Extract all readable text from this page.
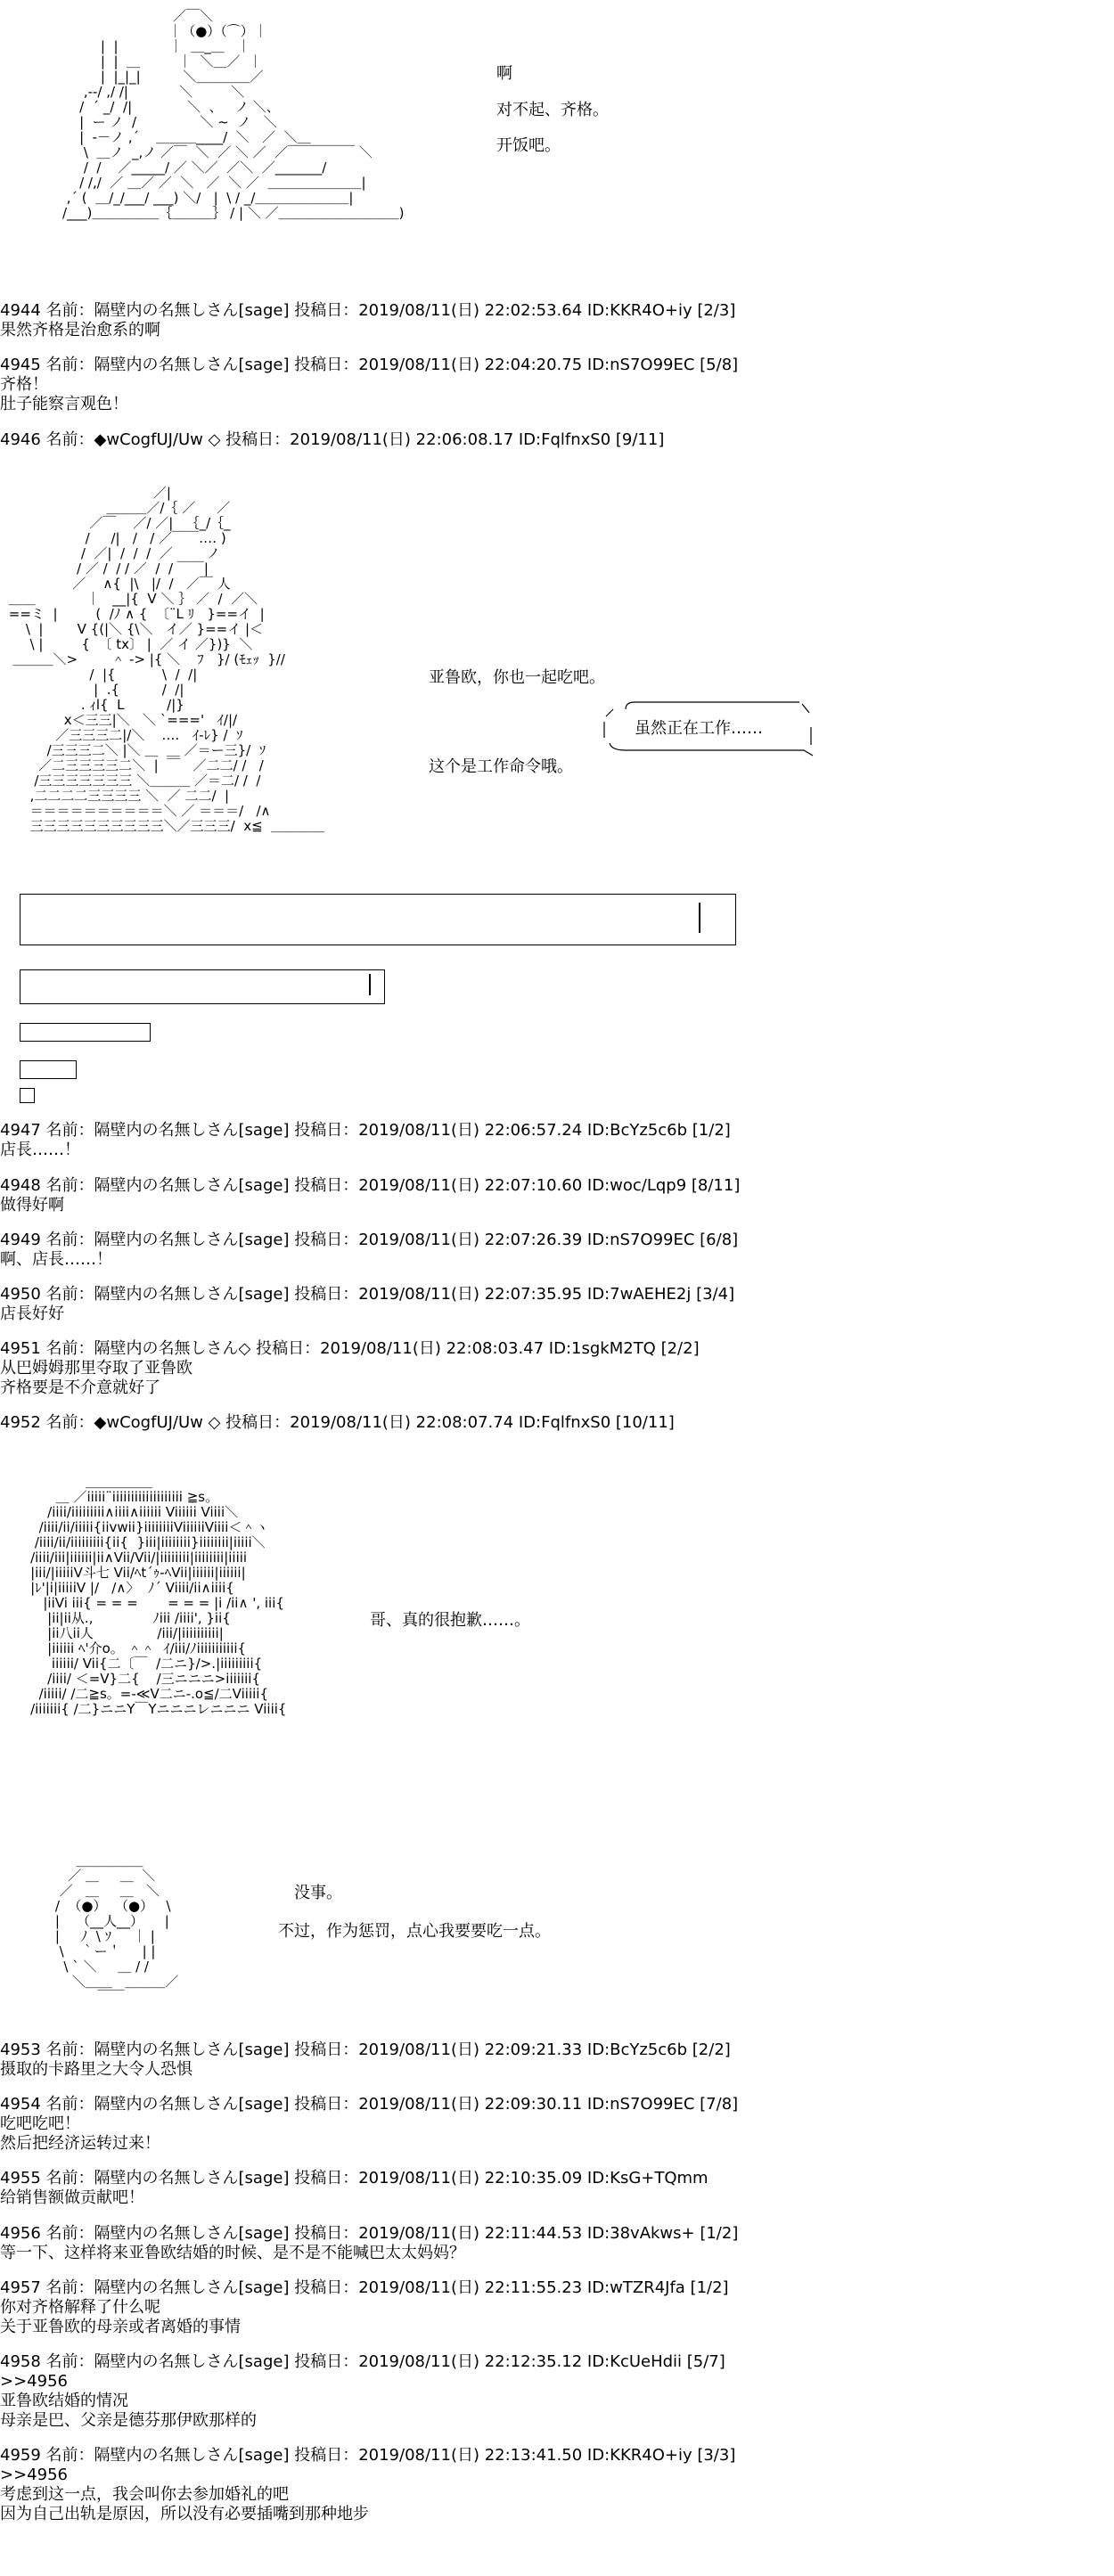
／￣＼
｜（●）（⌒）｜
|  |            ｜  ＿_＿   ｜
|  |  ＿         ｜  ＼＿／  ｜
|  |_|_|          ＼＿＿＿＿／
,--/ ,/ /|            ＼         ＼
/  ´ _/  /|             ＼  、   ノ ＼、
|  ー ノ  /               ＼ ~  ノ   ＼
|  -－ノ ,´    ＿＿＿____/  ＼   ／  ＼＿
\  ＿ノ  _,ノ ／￣  ＼  ／ ＼ ／  ／￣￣￣￣￣ ＼
/  /    ／_____/ ／ ＼／  ／＼  ／_______/
/ /,/  ／ ＿／ ／  ＼   ／  ＼ ／  ＿＿＿＿＿＿＿|
,´ (  ＿/_/___/ ___) ＼/   |  \ / _/＿＿＿＿＿＿＿|
/___)＿＿＿＿＿｛＿＿＿｝ / | ＼ ／＿＿＿＿＿＿＿＿＿)
啊
对不起、齐格。
开饭吧。
4944 名前：隔壁内の名無しさん[sage] 投稿日：2019/08/11(日) 22:02:53.64 ID:KKR4O+iy [2/3]
果然齐格是治愈系的啊
4945 名前：隔壁内の名無しさん[sage] 投稿日：2019/08/11(日) 22:04:20.75 ID:nS7O99EC [5/8]
齐格！
肚子能察言观色！
4946 名前：◆wCogfUJ/Uw ◇ 投稿日：2019/08/11(日) 22:06:08.17 ID:FqlfnxS0 [9/11]
／|
＿＿＿／/｛ ／     ／
／￣    ／/ ／|   ｛_/｛_
/     /|   /   / ／￣￣‥‥ )
/  ／|  /  /  /  ／        ノ
/ ／ /  / / ／  /  / ￣￣|
／    ∧{  |\   |/  /   ／￣ 人
＿＿            ｜   __|{  V ＼ ｝ ／  /  ／＼
==ミ  |         (  /ﾉ ∧ {  〔¨L ﾘ   }==イ  |
\  |        V {(|＼ {\＼   イ／ }==イ |＜
\ |         {  〔 tx〕 |  ／ イ ／})}  ＼
＿＿＿＼>        ＾ ‐> |{ ＼    ﾌ   }/ (ﾓｪｯ  }//
/  |{           \  /  /|
|  .{          /  /|
. ｨl{  L          /|}
x＜三三|＼   ＼ `==='   ｲ/|/
／三三三二|/＼    ‥‥   ｲ-ﾚ} /  ｿ
/三三三二＼ |＼ ＿  ＿ ／＝ー三}/  ｿ
／二三三三三二＼  |  ￣   ／二二/ /   /
/三三三三三三三 ＼＿＿＿ ／＝二/ /  /
,二二二二三三三三 ＼  ／ 二二/  |
＝＝＝＝＝＝＝＝＝＝＼ ／ ＝＝＝/   /∧
三三三三三三三三三三＼／三三三/  x≦  ＿＿＿＿
亚鲁欧，你也一起吃吧。
虽然正在工作……
这个是工作命令哦。
4947 名前：隔壁内の名無しさん[sage] 投稿日：2019/08/11(日) 22:06:57.24 ID:BcYz5c6b [1/2]
店長……！
4948 名前：隔壁内の名無しさん[sage] 投稿日：2019/08/11(日) 22:07:10.60 ID:woc/Lqp9 [8/11]
做得好啊
4949 名前：隔壁内の名無しさん[sage] 投稿日：2019/08/11(日) 22:07:26.39 ID:nS7O99EC [6/8]
啊、店長……！
4950 名前：隔壁内の名無しさん[sage] 投稿日：2019/08/11(日) 22:07:35.95 ID:7wAEHE2j [3/4]
店長好好
4951 名前：隔壁内の名無しさん◇ 投稿日：2019/08/11(日) 22:08:03.47 ID:1sgkM2TQ [2/2]
从巴姆姆那里夺取了亚鲁欧
齐格要是不介意就好了
4952 名前：◆wCogfUJ/Uw ◇ 投稿日：2019/08/11(日) 22:08:07.74 ID:FqlfnxS0 [10/11]
＿＿＿＿＿
＿ ／iiiii¨iiiiiiiiiiiiiiiiiii ≧s。
/iiii/iiiiiiiii∧iiii∧iiiiii Viiiiii Viiii＼
/iiii/ii/iiiii{iivwii}iiiiiiiiViiiiiiViiii＜＾ヽ
/iiii/ii/iiiiiiiii{ii{  }iii|iiiiiiii}iiiiiiii|iiiii＼
/iiii/iii|iiiiii|ii∧Vii/Vii/|iiiiiiii|iiiiiiii|iiiii
|iii/|iiiiiV斗七 Vii/ﾍt´ｩ-ﾍVii|iiiiii|iiiiii|
|ﾚ'|i|iiiiiV |/   /∧〉  ﾉ´ Viiii/ii∧iiii{
|iiVi iii{ = = =       = = = |i /ii∧ ', iii{
|ii|ii从.,              ﾉiii /iiii', }ii{
|ii八ii人               /iii/|iiiiiiiiii|
|iiiiii ﾍ'介o。 ＾＾  ｲ/iii/ﾉiiiiiiiiiii{
iiiiii/ Vii{二〔￣  /二ニ}/>.|iiiiiiiii{
/iiii/ ＜=V}二{    /三ニニニ>iiiiiii{
/iiiii/ /二≧s。=-≪V二ニ-.o≦/二Viiiii{
/iiiiiii{ /二}ニニY￣Yニニニレニニニ Viiii{
哥、真的很抱歉……。
＿＿＿＿＿
／ ＿     ＿  ＼
／   ＿     ＿   ＼
/  （●）  （●）   \
|    （__人__）     |
|     ﾉ  \ ｿ     ｜ |
\    ｀ー＇     | |
\ ` ＼     ＿ / /
＼＿＿   ＿＿＿／
￣￣
没事。
不过，作为惩罚，点心我要要吃一点。
4953 名前：隔壁内の名無しさん[sage] 投稿日：2019/08/11(日) 22:09:21.33 ID:BcYz5c6b [2/2]
摄取的卡路里之大令人恐惧
4954 名前：隔壁内の名無しさん[sage] 投稿日：2019/08/11(日) 22:09:30.11 ID:nS7O99EC [7/8]
吃吧吃吧！
然后把经济运转过来！
4955 名前：隔壁内の名無しさん[sage] 投稿日：2019/08/11(日) 22:10:35.09 ID:KsG+TQmm
给销售额做贡献吧！
4956 名前：隔壁内の名無しさん[sage] 投稿日：2019/08/11(日) 22:11:44.53 ID:38vAkws+ [1/2]
等一下、这样将来亚鲁欧结婚的时候、是不是不能喊巴太太妈妈？
4957 名前：隔壁内の名無しさん[sage] 投稿日：2019/08/11(日) 22:11:55.23 ID:wTZR4Jfa [1/2]
你对齐格解释了什么呢
关于亚鲁欧的母亲或者离婚的事情
4958 名前：隔壁内の名無しさん[sage] 投稿日：2019/08/11(日) 22:12:35.12 ID:KcUeHdii [5/7]
>>4956
亚鲁欧结婚的情况
母亲是巴、父亲是德芬那伊欧那样的
4959 名前：隔壁内の名無しさん[sage] 投稿日：2019/08/11(日) 22:13:41.50 ID:KKR4O+iy [3/3]
>>4956
考虑到这一点，我会叫你去参加婚礼的吧
因为自己出轨是原因，所以没有必要插嘴到那种地步
